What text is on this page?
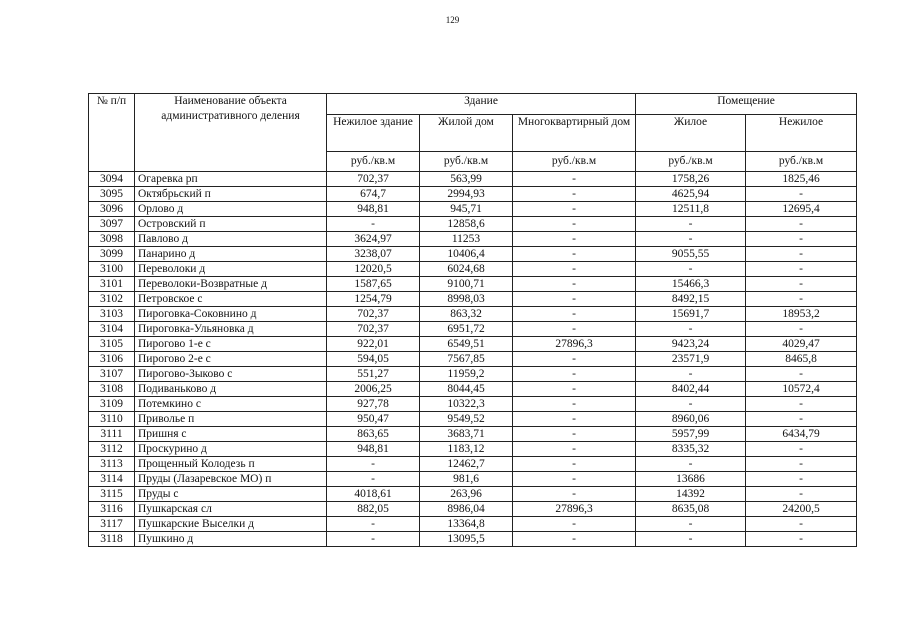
129
№ п/п	Наименование объекта административного деления	Здание			Помещение	
		Нежилое здание	Жилой дом	Многоквартирный дом	Жилое	Нежилое
		руб./кв.м	руб./кв.м	руб./кв.м	руб./кв.м	руб./кв.м
3094	Огаревка рп	702,37	563,99	-	1758,26	1825,46
3095	Октябрьский п	674,7	2994,93	-	4625,94	-
3096	Орлово д	948,81	945,71	-	12511,8	12695,4
3097	Островский п	-	12858,6	-	-	-
3098	Павлово д	3624,97	11253	-	-	-
3099	Панарино д	3238,07	10406,4	-	9055,55	-
3100	Переволоки д	12020,5	6024,68	-	-	-
3101	Переволоки-Возвратные д	1587,65	9100,71	-	15466,3	-
3102	Петровское с	1254,79	8998,03	-	8492,15	-
3103	Пироговка-Соковнино д	702,37	863,32	-	15691,7	18953,2
3104	Пироговка-Ульяновка д	702,37	6951,72	-	-	-
3105	Пирогово 1-е с	922,01	6549,51	27896,3	9423,24	4029,47
3106	Пирогово 2-е с	594,05	7567,85	-	23571,9	8465,8
3107	Пирогово-Зыково с	551,27	11959,2	-	-	-
3108	Подиваньково д	2006,25	8044,45	-	8402,44	10572,4
3109	Потемкино с	927,78	10322,3	-	-	-
3110	Приволье п	950,47	9549,52	-	8960,06	-
3111	Пришня с	863,65	3683,71	-	5957,99	6434,79
3112	Проскурино д	948,81	1183,12	-	8335,32	-
3113	Прощенный Колодезь п	-	12462,7	-	-	-
3114	Пруды (Лазаревское МО) п	-	981,6	-	13686	-
3115	Пруды с	4018,61	263,96	-	14392	-
3116	Пушкарская сл	882,05	8986,04	27896,3	8635,08	24200,5
3117	Пушкарские Выселки д	-	13364,8	-	-	-
3118	Пушкино д	-	13095,5	-	-	-
